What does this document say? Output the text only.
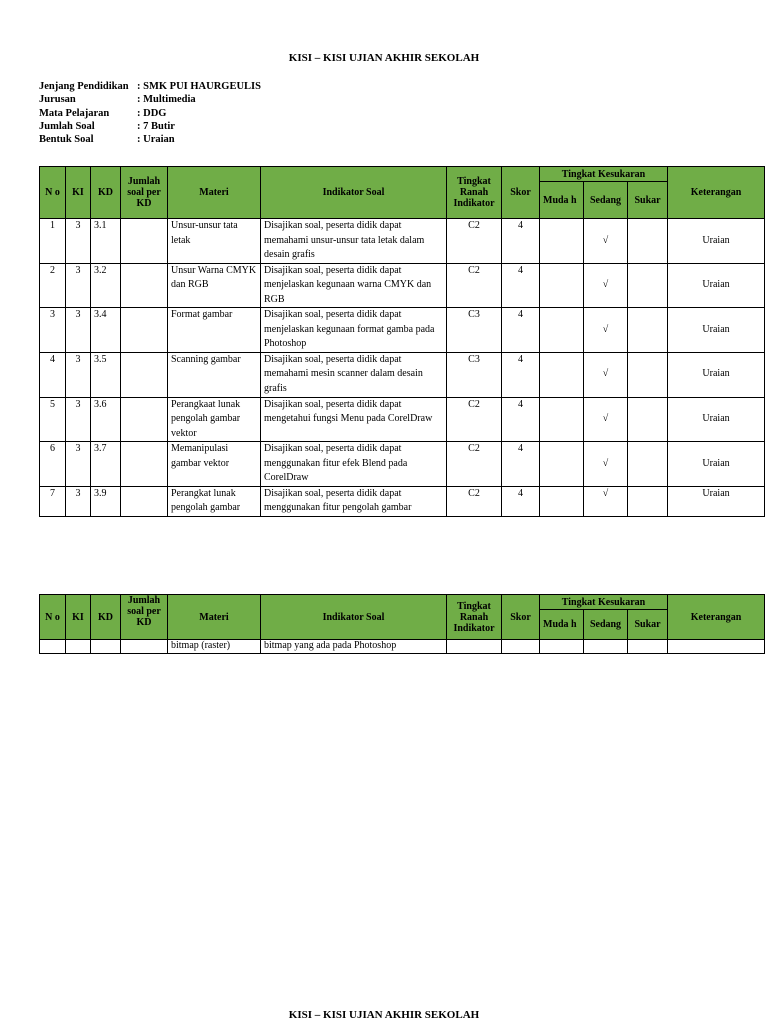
KISI – KISI UJIAN AKHIR SEKOLAH
Jenjang Pendidikan : SMK PUI HAURGEULIS
Jurusan	: Multimedia
Mata Pelajaran	: DDG
Jumlah Soal	: 7 Butir
Bentuk Soal	: Uraian
N o	KI	KD	Jumlah soal per KD	Materi	Indikator Soal	Tingkat Ranah Indikator	Skor	Tingkat Kesukaran			Keterangan
								Muda h	Sedang	Sukar	
1	3	3.1		Unsur-unsur tata letak	Disajikan soal, peserta didik dapat memahami unsur-unsur tata letak dalam desain grafis	C2	4		√		Uraian
2	3	3.2		Unsur Warna CMYK dan RGB	Disajikan soal, peserta didik dapat menjelaskan kegunaan warna CMYK dan RGB	C2	4		√		Uraian
3	3	3.4		Format gambar	Disajikan soal, peserta didik dapat menjelaskan kegunaan format gamba pada Photoshop	C3	4		√		Uraian
4	3	3.5		Scanning gambar	Disajikan soal, peserta didik dapat memahami mesin scanner dalam desain grafis	C3	4		√		Uraian
5	3	3.6		Perangkaat lunak pengolah gambar vektor	Disajikan soal, peserta didik dapat mengetahui fungsi Menu pada CorelDraw	C2	4		√		Uraian
6	3	3.7		Memanipulasi gambar vektor	Disajikan soal, peserta didik dapat menggunakan fitur efek Blend pada CorelDraw	C2	4		√		Uraian
7	3	3.9		Perangkat lunak pengolah gambar	Disajikan soal, peserta didik dapat menggunakan fitur pengolah gambar	C2	4		√		Uraian
N o	KI	KD	Jumlah soal per KD	Materi	Indikator Soal	Tingkat Ranah Indikator	Skor	Tingkat Kesukaran			Keterangan
								Muda h	Sedang	Sukar	
				bitmap (raster)	bitmap yang ada pada Photoshop						
KISI – KISI UJIAN AKHIR SEKOLAH
